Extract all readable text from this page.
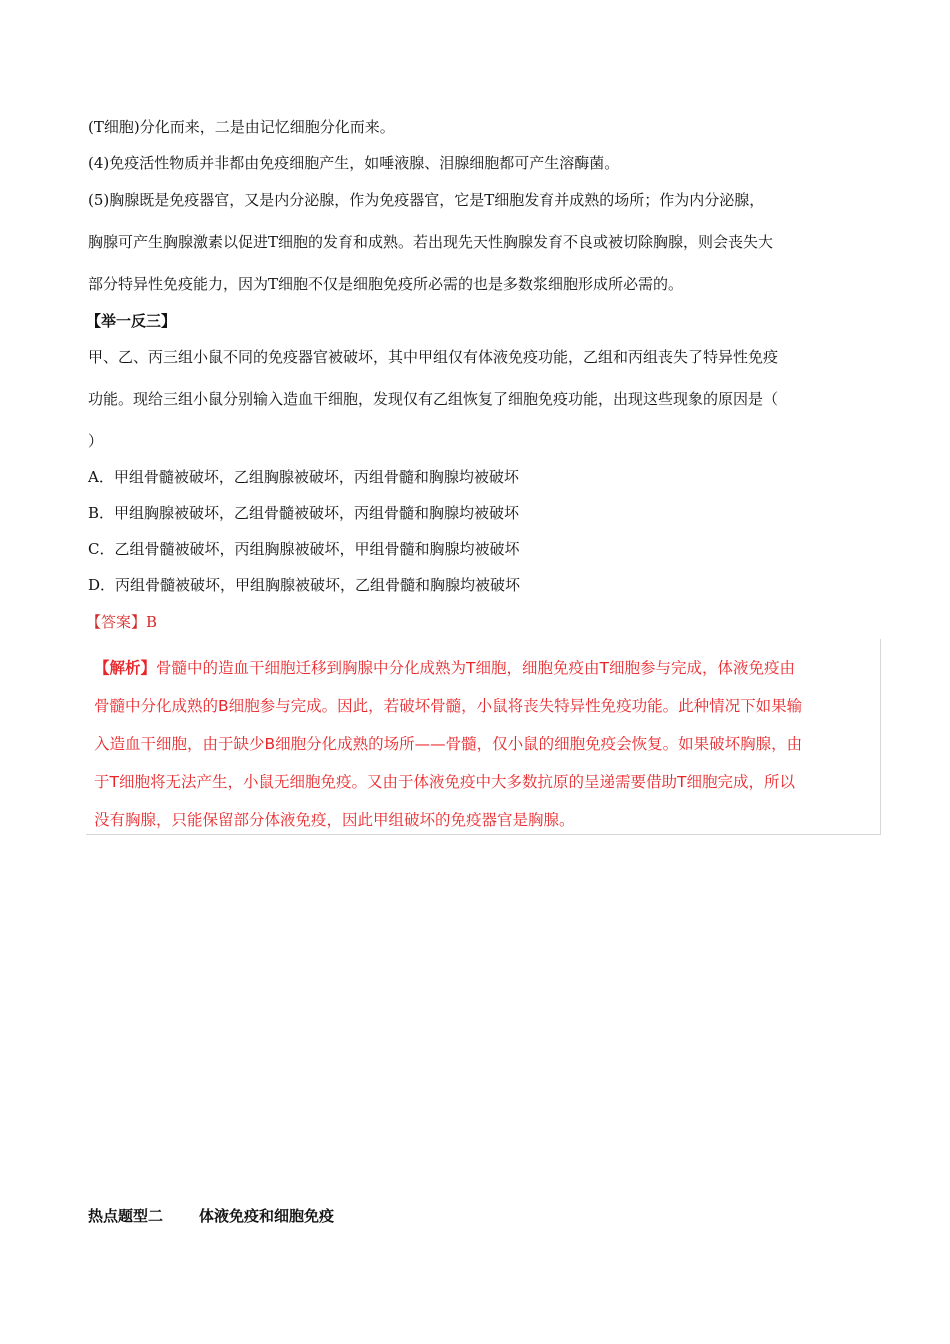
(T细胞)分化而来，二是由记忆细胞分化而来。
(4)免疫活性物质并非都由免疫细胞产生，如唾液腺、泪腺细胞都可产生溶酶菌。
(5)胸腺既是免疫器官，又是内分泌腺，作为免疫器官，它是T细胞发育并成熟的场所；作为内分泌腺，
胸腺可产生胸腺激素以促进T细胞的发育和成熟。若出现先天性胸腺发育不良或被切除胸腺，则会丧失大
部分特异性免疫能力，因为T细胞不仅是细胞免疫所必需的也是多数浆细胞形成所必需的。
【举一反三】
甲、乙、丙三组小鼠不同的免疫器官被破坏，其中甲组仅有体液免疫功能，乙组和丙组丧失了特异性免疫
功能。现给三组小鼠分别输入造血干细胞，发现仅有乙组恢复了细胞免疫功能，出现这些现象的原因是（
）
A．甲组骨髓被破坏，乙组胸腺被破坏，丙组骨髓和胸腺均被破坏
B．甲组胸腺被破坏，乙组骨髓被破坏，丙组骨髓和胸腺均被破坏
C．乙组骨髓被破坏，丙组胸腺被破坏，甲组骨髓和胸腺均被破坏
D．丙组骨髓被破坏，甲组胸腺被破坏，乙组骨髓和胸腺均被破坏
【答案】B
【解析】骨髓中的造血干细胞迁移到胸腺中分化成熟为T细胞，细胞免疫由T细胞参与完成，体液免疫由
骨髓中分化成熟的B细胞参与完成。因此，若破坏骨髓，小鼠将丧失特异性免疫功能。此种情况下如果输
入造血干细胞，由于缺少B细胞分化成熟的场所——骨髓，仅小鼠的细胞免疫会恢复。如果破坏胸腺，由
于T细胞将无法产生，小鼠无细胞免疫。又由于体液免疫中大多数抗原的呈递需要借助T细胞完成，所以
没有胸腺，只能保留部分体液免疫，因此甲组破坏的免疫器官是胸腺。
热点题型二 体液免疫和细胞免疫
